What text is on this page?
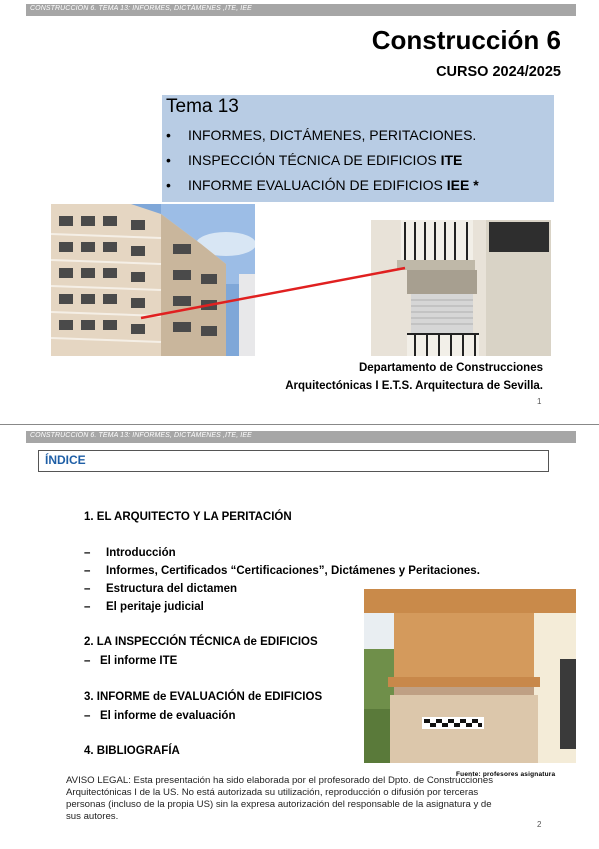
CONSTRUCCIÓN 6. TEMA 13: INFORMES, DICTÁMENES ,ITE, IEE
Construcción 6
CURSO 2024/2025
Tema 13
• INFORMES, DICTÁMENES, PERITACIONES.
• INSPECCIÓN TÉCNICA DE EDIFICIOS ITE
• INFORME EVALUACIÓN DE EDIFICIOS IEE *
Departamento de Construcciones
Arquitectónicas I E.T.S. Arquitectura de Sevilla.
1
CONSTRUCCIÓN 6. TEMA 13: INFORMES, DICTÁMENES ,ITE, IEE
ÍNDICE
1. EL ARQUITECTO Y LA PERITACIÓN
– Introducción
– Informes, Certificados “Certificaciones”, Dictámenes y Peritaciones.
– Estructura del dictamen
– El peritaje judicial
2. LA INSPECCIÓN TÉCNICA de EDIFICIOS
– El informe ITE
3. INFORME de EVALUACIÓN de EDIFICIOS
– El informe de evaluación
4. BIBLIOGRAFÍA
Fuente: profesores asignatura
AVISO LEGAL: Esta presentación ha sido elaborada por el profesorado del Dpto. de Construcciones Arquitectónicas I de la US. No está autorizada su utilización, reproducción o difusión por terceras personas (incluso de la propia US) sin la expresa autorización del responsable de la asignatura y de sus autores.
2
